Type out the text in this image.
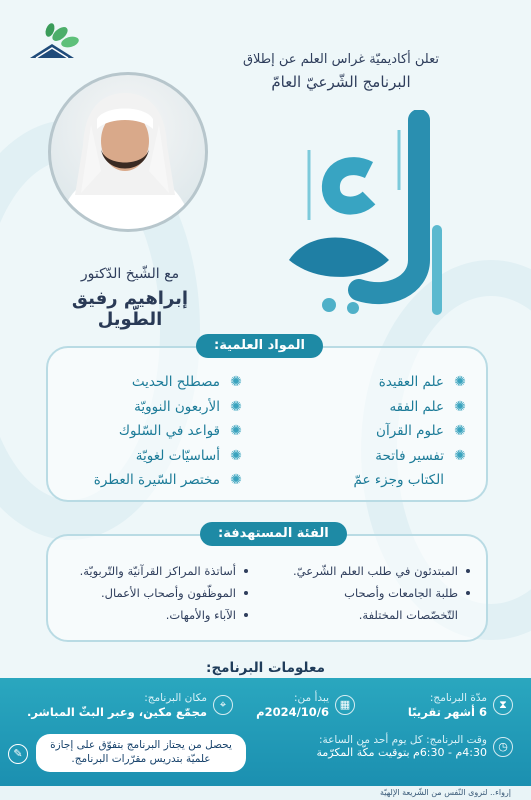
تعلن أكاديميّة غراس العلم عن إطلاق
البرنامج الشّرعيّ العامّ
مع الشّيخ الدّكتور
إبراهيم رفيق الطّويل
✺
علم العقيدة
✺
علم الفقه
✺
علوم القرآن
✺
تفسير فاتحة
الكتاب وجزء عمّ
✺
مصطلح الحديث
✺
الأربعون النوويّة
✺
قواعد في السّلوك
✺
أساسيّات لغويّة
✺
مختصر السّيرة العطرة
المواد العلمية:
المبتدئون في طلب العلم الشّرعيّ.
طلبة الجامعات وأصحاب
التّخصّصات المختلفة.
أساتذة المراكز القرآنيّة والتّربويّة.
الموظّفون وأصحاب الأعمال.
الآباء والأمهات.
الفئة المستهدفة:
معلومات البرنامج:
⧗
مدّة البرنامج:
6 أشهر تقريبًا
▦
يبدأ من:
2024/10/6م
⌖
مكان البرنامج:
مجمّع مكين، وعبر البثّ المباشر.
◷
وقت البرنامج: كل يوم أحد من الساعة:
4:30م - 6:30م بتوقيت مكّة المكرّمة
يحصل من يجتاز البرنامج بتفوّق على إجازة علميّة بتدريس مقرّرات البرنامج.
✎
إرواء.. لتروى النّفس من الشّريعة الإلهيّة
